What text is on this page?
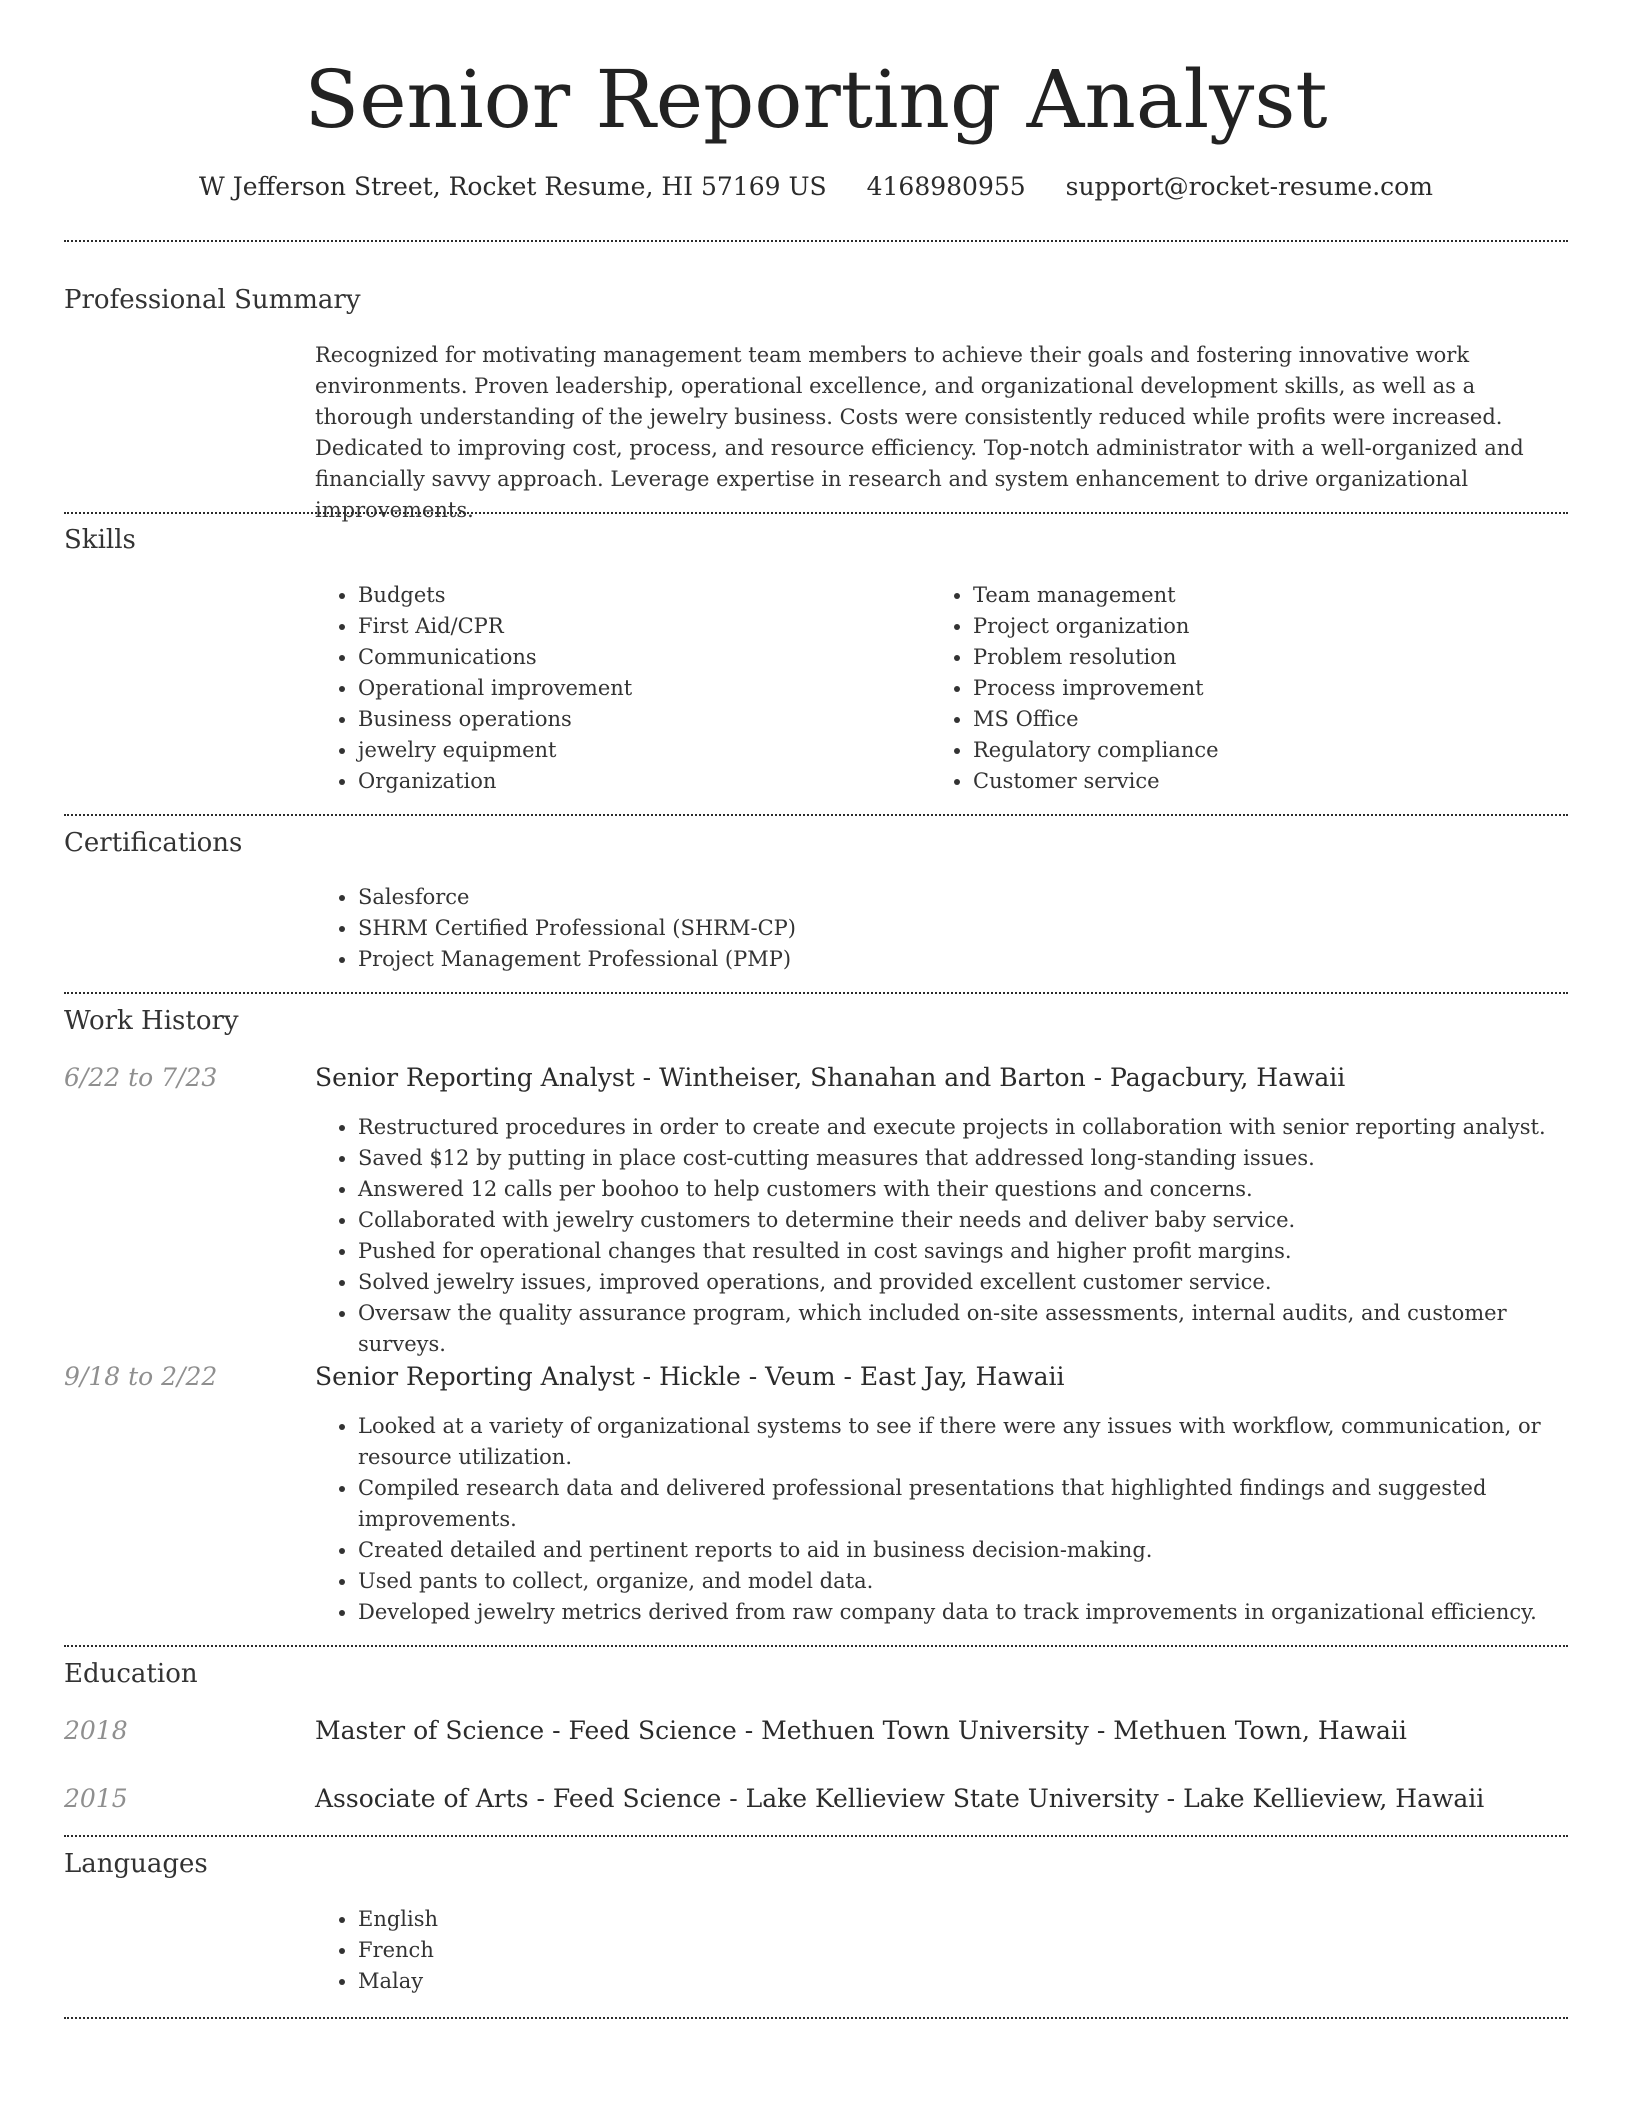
Senior Reporting Analyst
W Jefferson Street, Rocket Resume, HI 57169 US 4168980955 support@rocket-resume.com
Professional Summary
Recognized for motivating management team members to achieve their goals and fostering innovative work environments. Proven leadership, operational excellence, and organizational development skills, as well as a thorough understanding of the jewelry business. Costs were consistently reduced while profits were increased. Dedicated to improving cost, process, and resource efficiency. Top-notch administrator with a well-organized and financially savvy approach. Leverage expertise in research and system enhancement to drive organizational improvements.
Skills
• Budgets
• First Aid/CPR
• Communications
• Operational improvement
• Business operations
• jewelry equipment
• Organization
• Team management
• Project organization
• Problem resolution
• Process improvement
• MS Office
• Regulatory compliance
• Customer service
Certifications
• Salesforce
• SHRM Certified Professional (SHRM-CP)
• Project Management Professional (PMP)
Work History
6/22 to 7/23	Senior Reporting Analyst - Wintheiser, Shanahan and Barton - Pagacbury, Hawaii
• Restructured procedures in order to create and execute projects in collaboration with senior reporting analyst.
• Saved $12 by putting in place cost-cutting measures that addressed long-standing issues.
• Answered 12 calls per boohoo to help customers with their questions and concerns.
• Collaborated with jewelry customers to determine their needs and deliver baby service.
• Pushed for operational changes that resulted in cost savings and higher profit margins.
• Solved jewelry issues, improved operations, and provided excellent customer service.
• Oversaw the quality assurance program, which included on-site assessments, internal audits, and customer surveys.
9/18 to 2/22	Senior Reporting Analyst - Hickle - Veum - East Jay, Hawaii
• Looked at a variety of organizational systems to see if there were any issues with workflow, communication, or resource utilization.
• Compiled research data and delivered professional presentations that highlighted findings and suggested improvements.
• Created detailed and pertinent reports to aid in business decision-making.
• Used pants to collect, organize, and model data.
• Developed jewelry metrics derived from raw company data to track improvements in organizational efficiency.
Education
2018	Master of Science - Feed Science - Methuen Town University - Methuen Town, Hawaii
2015	Associate of Arts - Feed Science - Lake Kellieview State University - Lake Kellieview, Hawaii
Languages
• English
• French
• Malay
